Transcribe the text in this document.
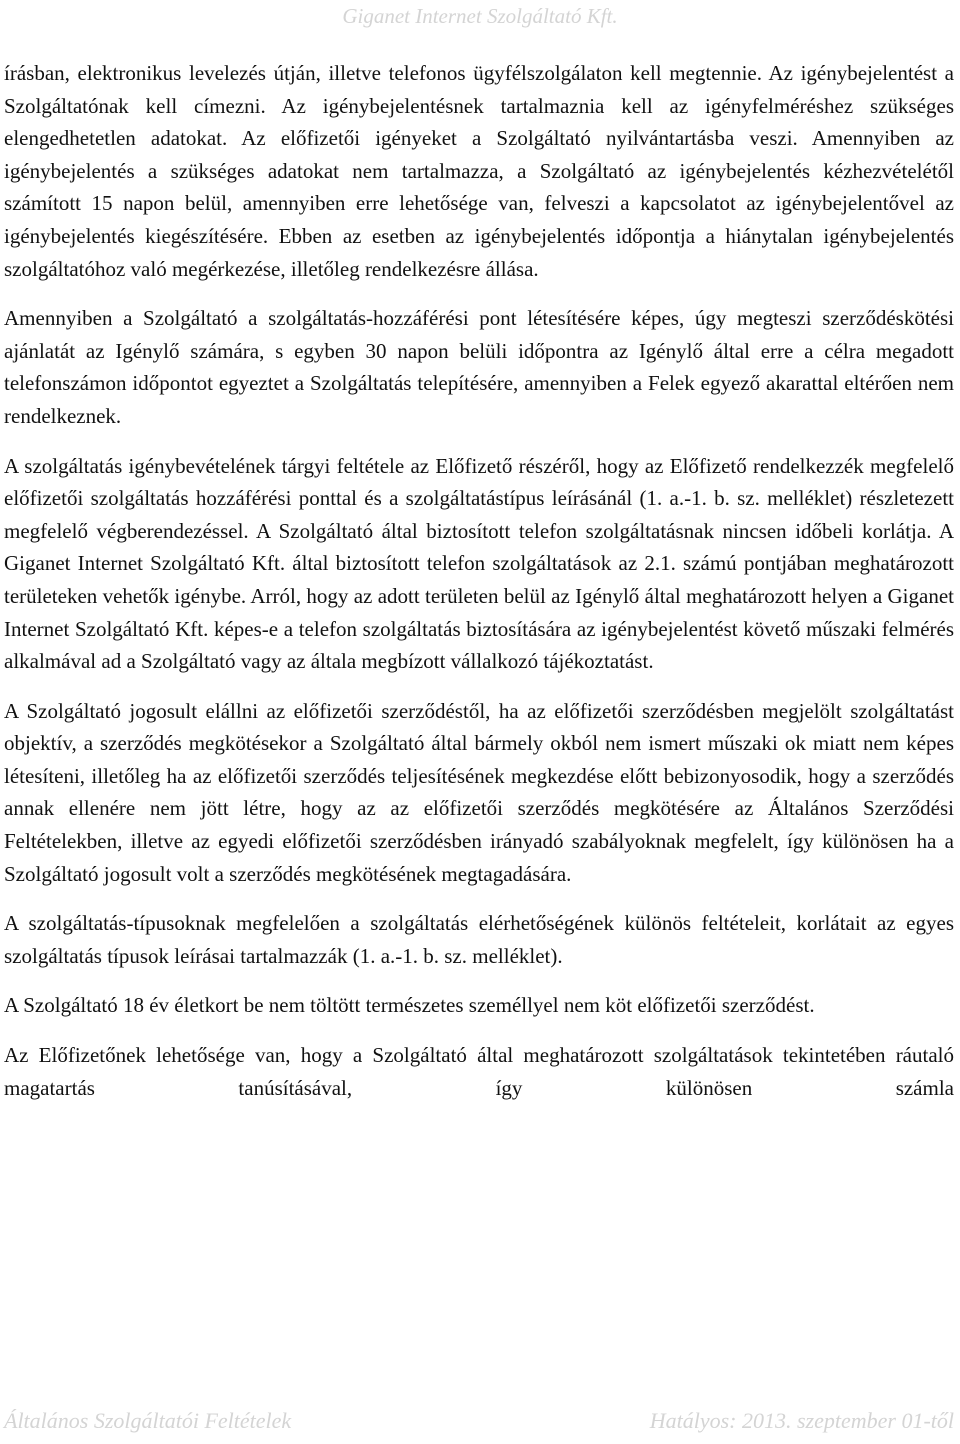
Giganet Internet Szolgáltató Kft.

írásban, elektronikus levelezés útján, illetve telefonos ügyfélszolgálaton kell megtennie. Az igénybejelentést a Szolgáltatónak kell címezni. Az igénybejelentésnek tartalmaznia kell az igényfelméréshez szükséges elengedhetetlen adatokat. Az előfizetői igényeket a Szolgáltató nyilvántartásba veszi. Amennyiben az igénybejelentés a szükséges adatokat nem tartalmazza, a Szolgáltató az igénybejelentés kézhezvételétől számított 15 napon belül, amennyiben erre lehetősége van, felveszi a kapcsolatot az igénybejelentővel az igénybejelentés kiegészítésére. Ebben az esetben az igénybejelentés időpontja a hiánytalan igénybejelentés szolgáltatóhoz való megérkezése, illetőleg rendelkezésre állása.

Amennyiben a Szolgáltató a szolgáltatás-hozzáférési pont létesítésére képes, úgy megteszi szerződéskötési ajánlatát az Igénylő számára, s egyben 30 napon belüli időpontra az Igénylő által erre a célra megadott telefonszámon időpontot egyeztet a Szolgáltatás telepítésére, amennyiben a Felek egyező akarattal eltérően nem rendelkeznek.

A szolgáltatás igénybevételének tárgyi feltétele az Előfizető részéről, hogy az Előfizető rendelkezzék megfelelő előfizetői szolgáltatás hozzáférési ponttal és a szolgáltatástípus leírásánál (1. a.-1. b. sz. melléklet) részletezett megfelelő végberendezéssel. A Szolgáltató által biztosított telefon szolgáltatásnak nincsen időbeli korlátja. A Giganet Internet Szolgáltató Kft. által biztosított telefon szolgáltatások az 2.1. számú pontjában meghatározott területeken vehetők igénybe. Arról, hogy az adott területen belül az Igénylő által meghatározott helyen a Giganet Internet Szolgáltató Kft. képes-e a telefon szolgáltatás biztosítására az igénybejelentést követő műszaki felmérés alkalmával ad a Szolgáltató vagy az általa megbízott vállalkozó tájékoztatást.

A Szolgáltató jogosult elállni az előfizetői szerződéstől, ha az előfizetői szerződésben megjelölt szolgáltatást objektív, a szerződés megkötésekor a Szolgáltató által bármely okból nem ismert műszaki ok miatt nem képes létesíteni, illetőleg ha az előfizetői szerződés teljesítésének megkezdése előtt bebizonyosodik, hogy a szerződés annak ellenére nem jött létre, hogy az az előfizetői szerződés megkötésére az Általános Szerződési Feltételekben, illetve az egyedi előfizetői szerződésben irányadó szabályoknak megfelelt, így különösen ha a Szolgáltató jogosult volt a szerződés megkötésének megtagadására.

A szolgáltatás-típusoknak megfelelően a szolgáltatás elérhetőségének különös feltételeit, korlátait az egyes szolgáltatás típusok leírásai tartalmazzák (1. a.-1. b. sz. melléklet).

A Szolgáltató 18 év életkort be nem töltött természetes személlyel nem köt előfizetői szerződést.

Az Előfizetőnek lehetősége van, hogy a Szolgáltató által meghatározott szolgáltatások tekintetében ráutaló magatartás tanúsításával, így különösen számla

Általános Szolgáltatói Feltételek	Hatályos: 2013. szeptember 01-től
